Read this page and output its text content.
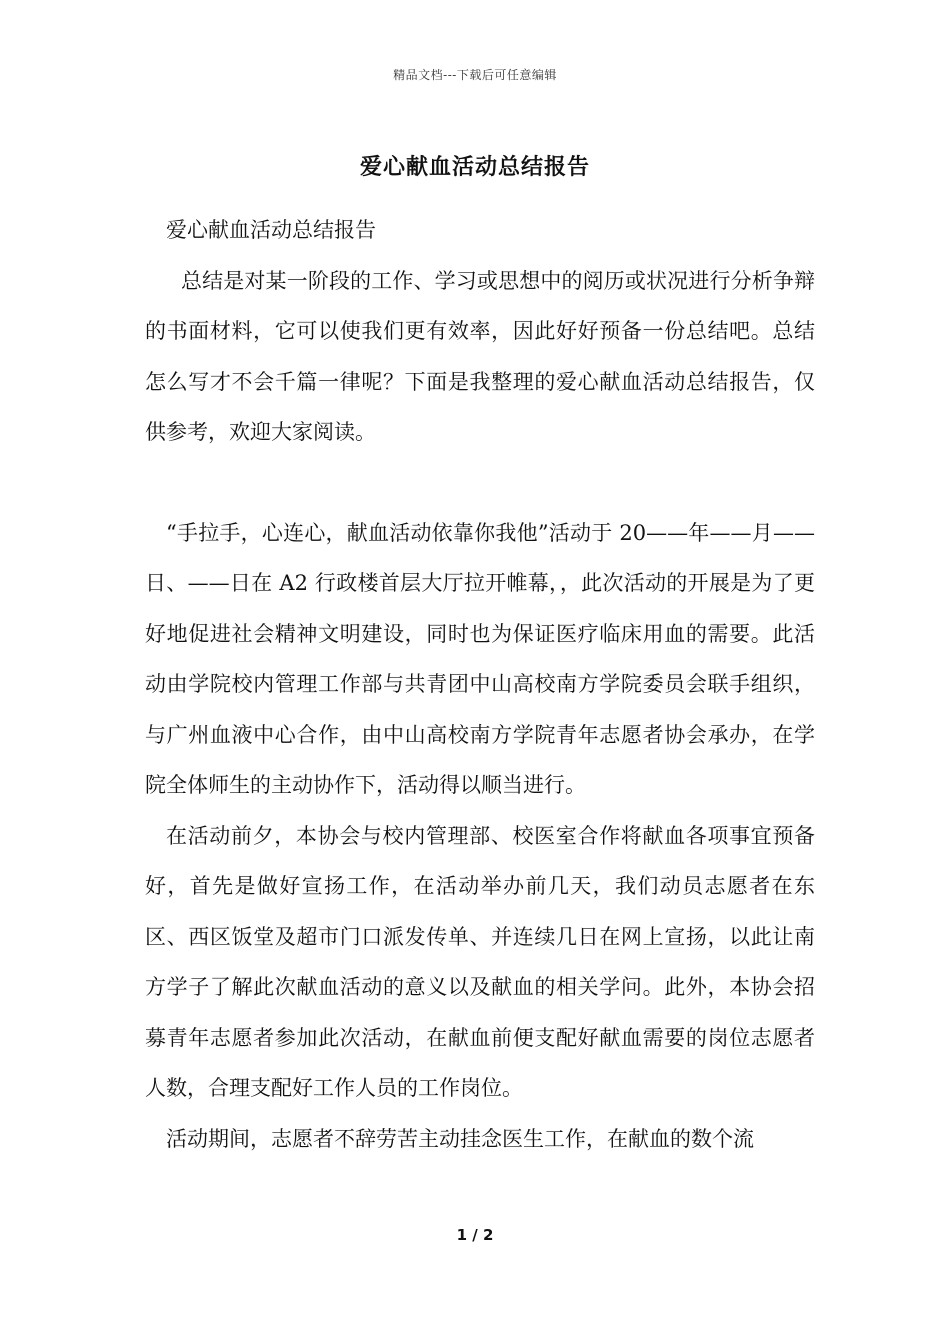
精品文档---下载后可任意编辑
爱心献血活动总结报告

爱心献血活动总结报告

总结是对某一阶段的工作、学习或思想中的阅历或状况进行分析争辩的书面材料，它可以使我们更有效率，因此好好预备一份总结吧。总结怎么写才不会千篇一律呢？下面是我整理的爱心献血活动总结报告，仅供参考，欢迎大家阅读。

“手拉手，心连心，献血活动依靠你我他”活动于 20——年——月——日、——日在 A2 行政楼首层大厅拉开帷幕，，此次活动的开展是为了更好地促进社会精神文明建设，同时也为保证医疗临床用血的需要。此活动由学院校内管理工作部与共青团中山高校南方学院委员会联手组织，与广州血液中心合作，由中山高校南方学院青年志愿者协会承办，在学院全体师生的主动协作下，活动得以顺当进行。

在活动前夕，本协会与校内管理部、校医室合作将献血各项事宜预备好，首先是做好宣扬工作，在活动举办前几天，我们动员志愿者在东区、西区饭堂及超市门口派发传单、并连续几日在网上宣扬，以此让南方学子了解此次献血活动的意义以及献血的相关学问。此外，本协会招募青年志愿者参加此次活动，在献血前便支配好献血需要的岗位志愿者人数，合理支配好工作人员的工作岗位。

活动期间，志愿者不辞劳苦主动挂念医生工作，在献血的数个流

1 / 2
